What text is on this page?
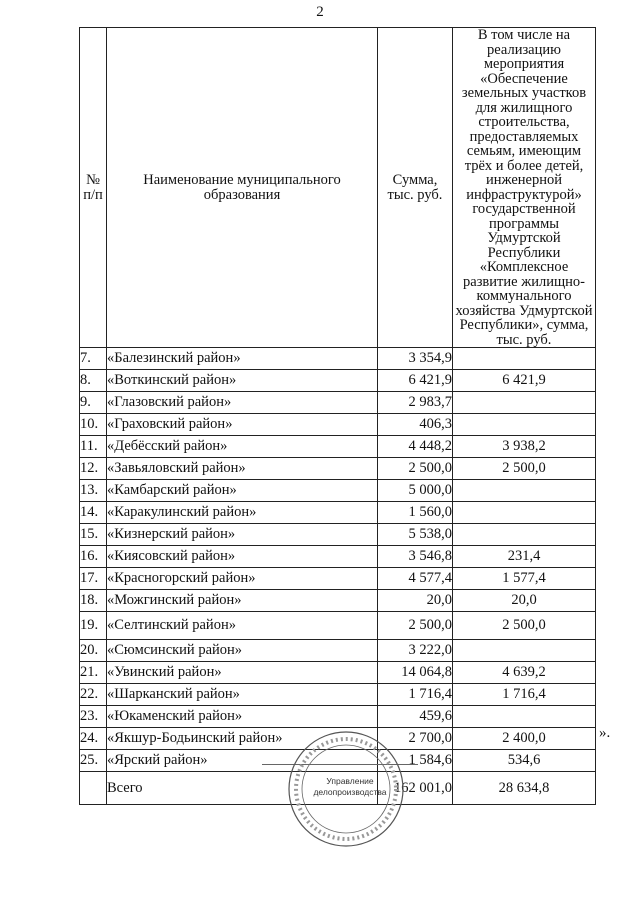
2
№ п/п	Наименование муниципального образования	Сумма, тыс. руб.	В том числе на реализацию мероприятия «Обеспечение земельных участков для жилищного строительства, предоставляемых семьям, имеющим трёх и более детей, инженерной инфраструктурой» государственной программы Удмуртской Республики «Комплексное развитие жилищно-коммунального хозяйства Удмуртской Республики», сумма, тыс. руб.
7.	«Балезинский район»	3 354,9	
8.	«Воткинский район»	6 421,9	6 421,9
9.	«Глазовский район»	2 983,7	
10.	«Граховский район»	406,3	
11.	«Дебёсский район»	4 448,2	3 938,2
12.	«Завьяловский район»	2 500,0	2 500,0
13.	«Камбарский район»	5 000,0	
14.	«Каракулинский район»	1 560,0	
15.	«Кизнерский район»	5 538,0	
16.	«Киясовский район»	3 546,8	231,4
17.	«Красногорский район»	4 577,4	1 577,4
18.	«Можгинский район»	20,0	20,0
19.	«Селтинский район»	2 500,0	2 500,0
20.	«Сюмсинский район»	3 222,0	
21.	«Увинский район»	14 064,8	4 639,2
22.	«Шарканский район»	1 716,4	1 716,4
23.	«Юкаменский район»	459,6	
24.	«Якшур-Бодьинский район»	2 700,0	2 400,0
25.	«Ярский район»	1 584,6	534,6
	Всего	162 001,0	28 634,8
».
Управление
делопроизводства
